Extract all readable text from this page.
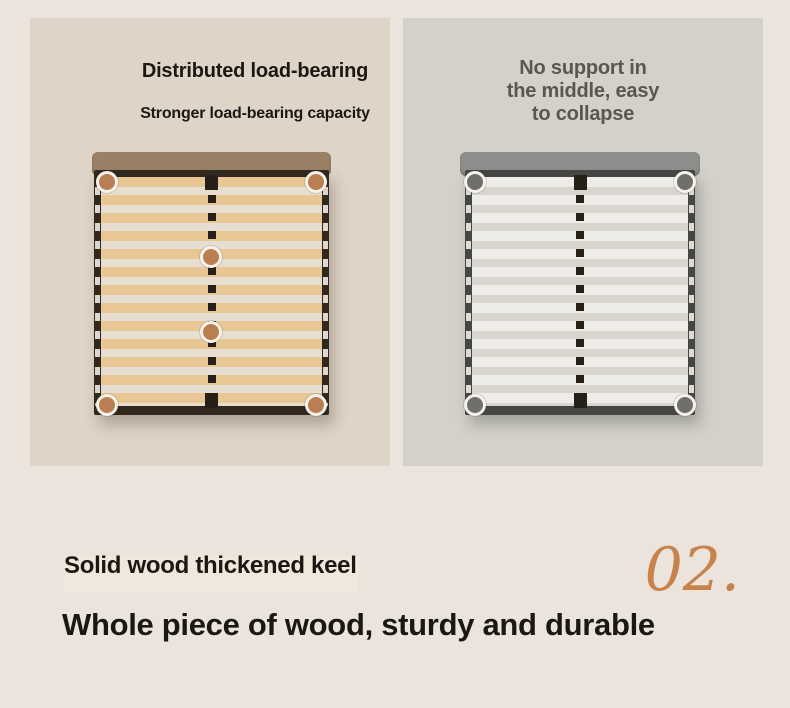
Distributed load-bearing
Stronger load-bearing capacity
No support in
the middle, easy
to collapse
Solid wood thickened keel
Whole piece of wood, sturdy and durable
02.
